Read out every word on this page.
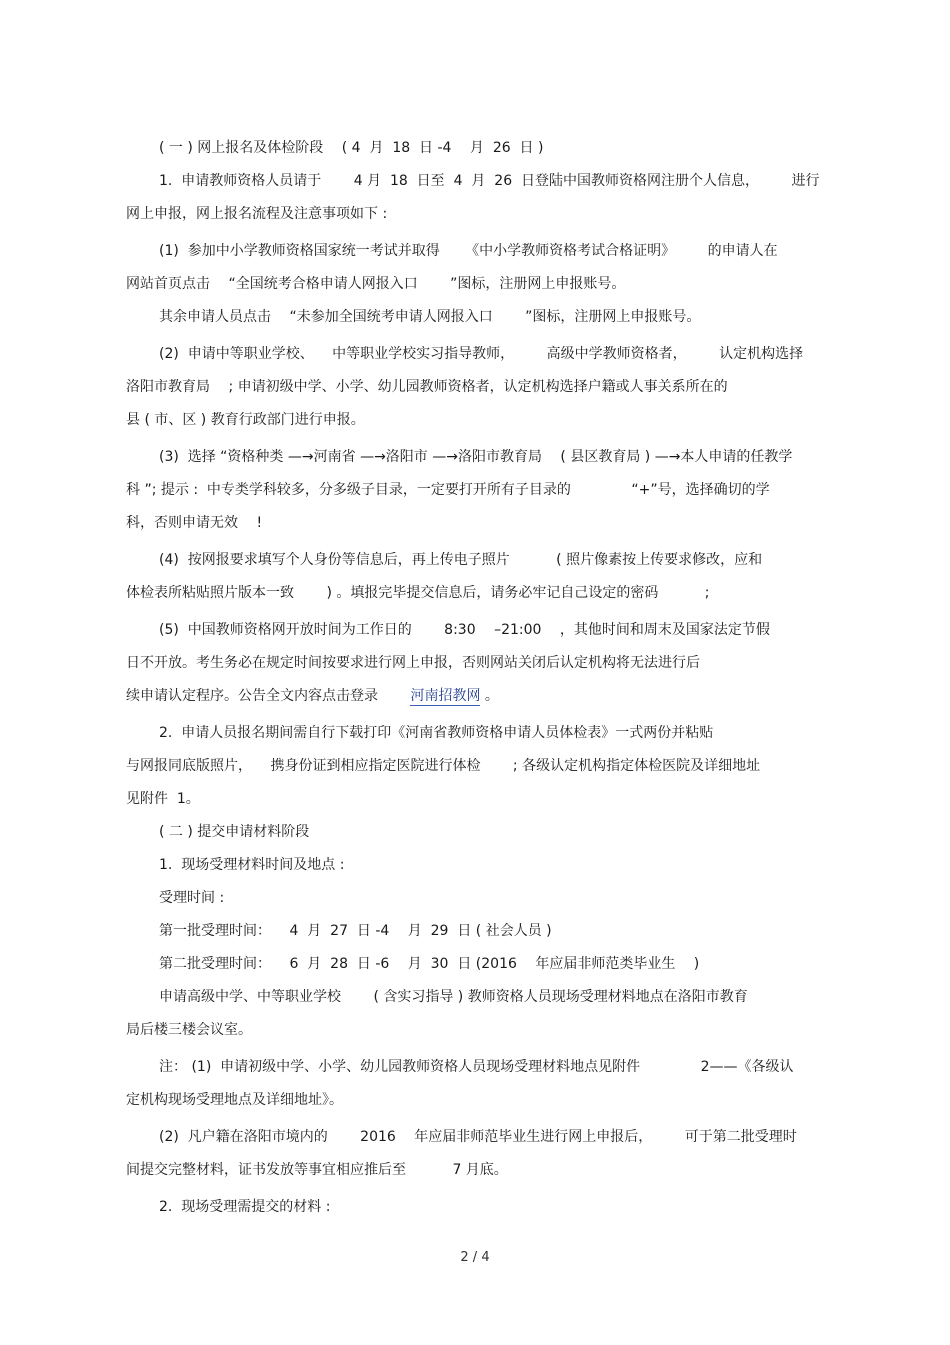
( 一 ) 网上报名及体检阶段 　( 4  月  18  日 -4 　月  26  日 )
1.  申请教师资格人员请于 　　4 月  18  日至  4  月  26  日登陆中国教师资格网注册个人信息， 　　进行
网上申报，网上报名流程及注意事项如下 :
(1)  参加中小学教师资格国家统一考试并取得 　　《中小学教师资格考试合格证明》 　　的申请人在
网站首页点击 　“全国统考合格申请人网报入口 　　”图标，注册网上申报账号。
其余申请人员点击 　“未参加全国统考申请人网报入口 　　”图标，注册网上申报账号。
(2)  申请中等职业学校、 　中等职业学校实习指导教师， 　　高级中学教师资格者， 　　认定机构选择
洛阳市教育局 　; 申请初级中学、小学、幼儿园教师资格者，认定机构选择户籍或人事关系所在的
县 ( 市、区 ) 教育行政部门进行申报。
(3)  选择 “资格种类 —→河南省 —→洛阳市 —→洛阳市教育局 　( 县区教育局 ) —→本人申请的任教学
科 ”; 提示 :  中专类学科较多，分多级子目录，一定要打开所有子目录的 　　　　“+”号，选择确切的学
科，否则申请无效 　!
(4)  按网报要求填写个人身份等信息后，再上传电子照片 　　　( 照片像素按上传要求修改，应和
体检表所粘贴照片版本一致 　　) 。填报完毕提交信息后，请务必牢记自己设定的密码 　　　;
(5)  中国教师资格网开放时间为工作日的 　　8:30 　–21:00 　，其他时间和周末及国家法定节假
日不开放。考生务必在规定时间按要求进行网上申报，否则网站关闭后认定机构将无法进行后
续申请认定程序。公告全文内容点击登录 　　河南招教网 。
2.  申请人员报名期间需自行下载打印《河南省教师资格申请人员体检表》一式两份并粘贴
与网报同底版照片， 　携身份证到相应指定医院进行体检 　　; 各级认定机构指定体检医院及详细地址
见附件  1。
( 二 ) 提交申请材料阶段
1.  现场受理材料时间及地点 :
受理时间 :
第一批受理时间： 　4  月  27  日 -4 　月  29  日 ( 社会人员 )
第二批受理时间： 　6  月  28  日 -6 　月  30  日 (2016 　年应届非师范类毕业生 　)
申请高级中学、中等职业学校 　　( 含实习指导 ) 教师资格人员现场受理材料地点在洛阳市教育
局后楼三楼会议室。
注： (1)  申请初级中学、小学、幼儿园教师资格人员现场受理材料地点见附件 　　　　2——《各级认
定机构现场受理地点及详细地址》。
(2)  凡户籍在洛阳市境内的 　　2016 　年应届非师范毕业生进行网上申报后， 　　可于第二批受理时
间提交完整材料，证书发放等事宜相应推后至 　　　7 月底。
2.  现场受理需提交的材料 :
2 / 4
